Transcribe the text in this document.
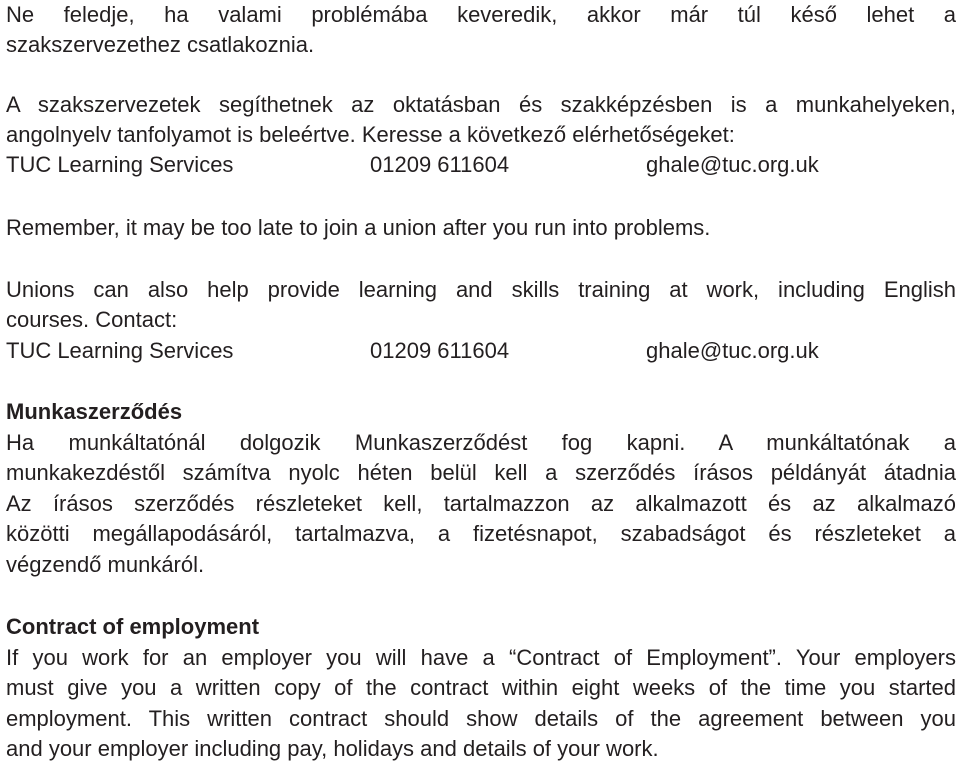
Ne feledje, ha valami problémába keveredik, akkor már túl késő lehet a
szakszervezethez csatlakoznia.
A szakszervezetek segíthetnek az oktatásban és szakképzésben is a munkahelyeken,
angolnyelv tanfolyamot is beleértve. Keresse a következő elérhetőségeket:
TUC Learning Services	01209 611604	ghale@tuc.org.uk
Remember, it may be too late to join a union after you run into problems.
Unions can also help provide learning and skills training at work, including English
courses. Contact:
TUC Learning Services	01209 611604	ghale@tuc.org.uk
Munkaszerződés
Ha munkáltatónál dolgozik Munkaszerződést fog kapni. A munkáltatónak a
munkakezdéstől számítva nyolc héten belül kell a szerződés írásos példányát átadnia
Az írásos szerződés részleteket kell, tartalmazzon az alkalmazott és az alkalmazó
közötti megállapodásáról, tartalmazva, a fizetésnapot, szabadságot és részleteket a
végzendő munkáról.
Contract of employment
If you work for an employer you will have a “Contract of Employment”. Your employers
must give you a written copy of the contract within eight weeks of the time you started
employment. This written contract should show details of the agreement between you
and your employer including pay, holidays and details of your work.
